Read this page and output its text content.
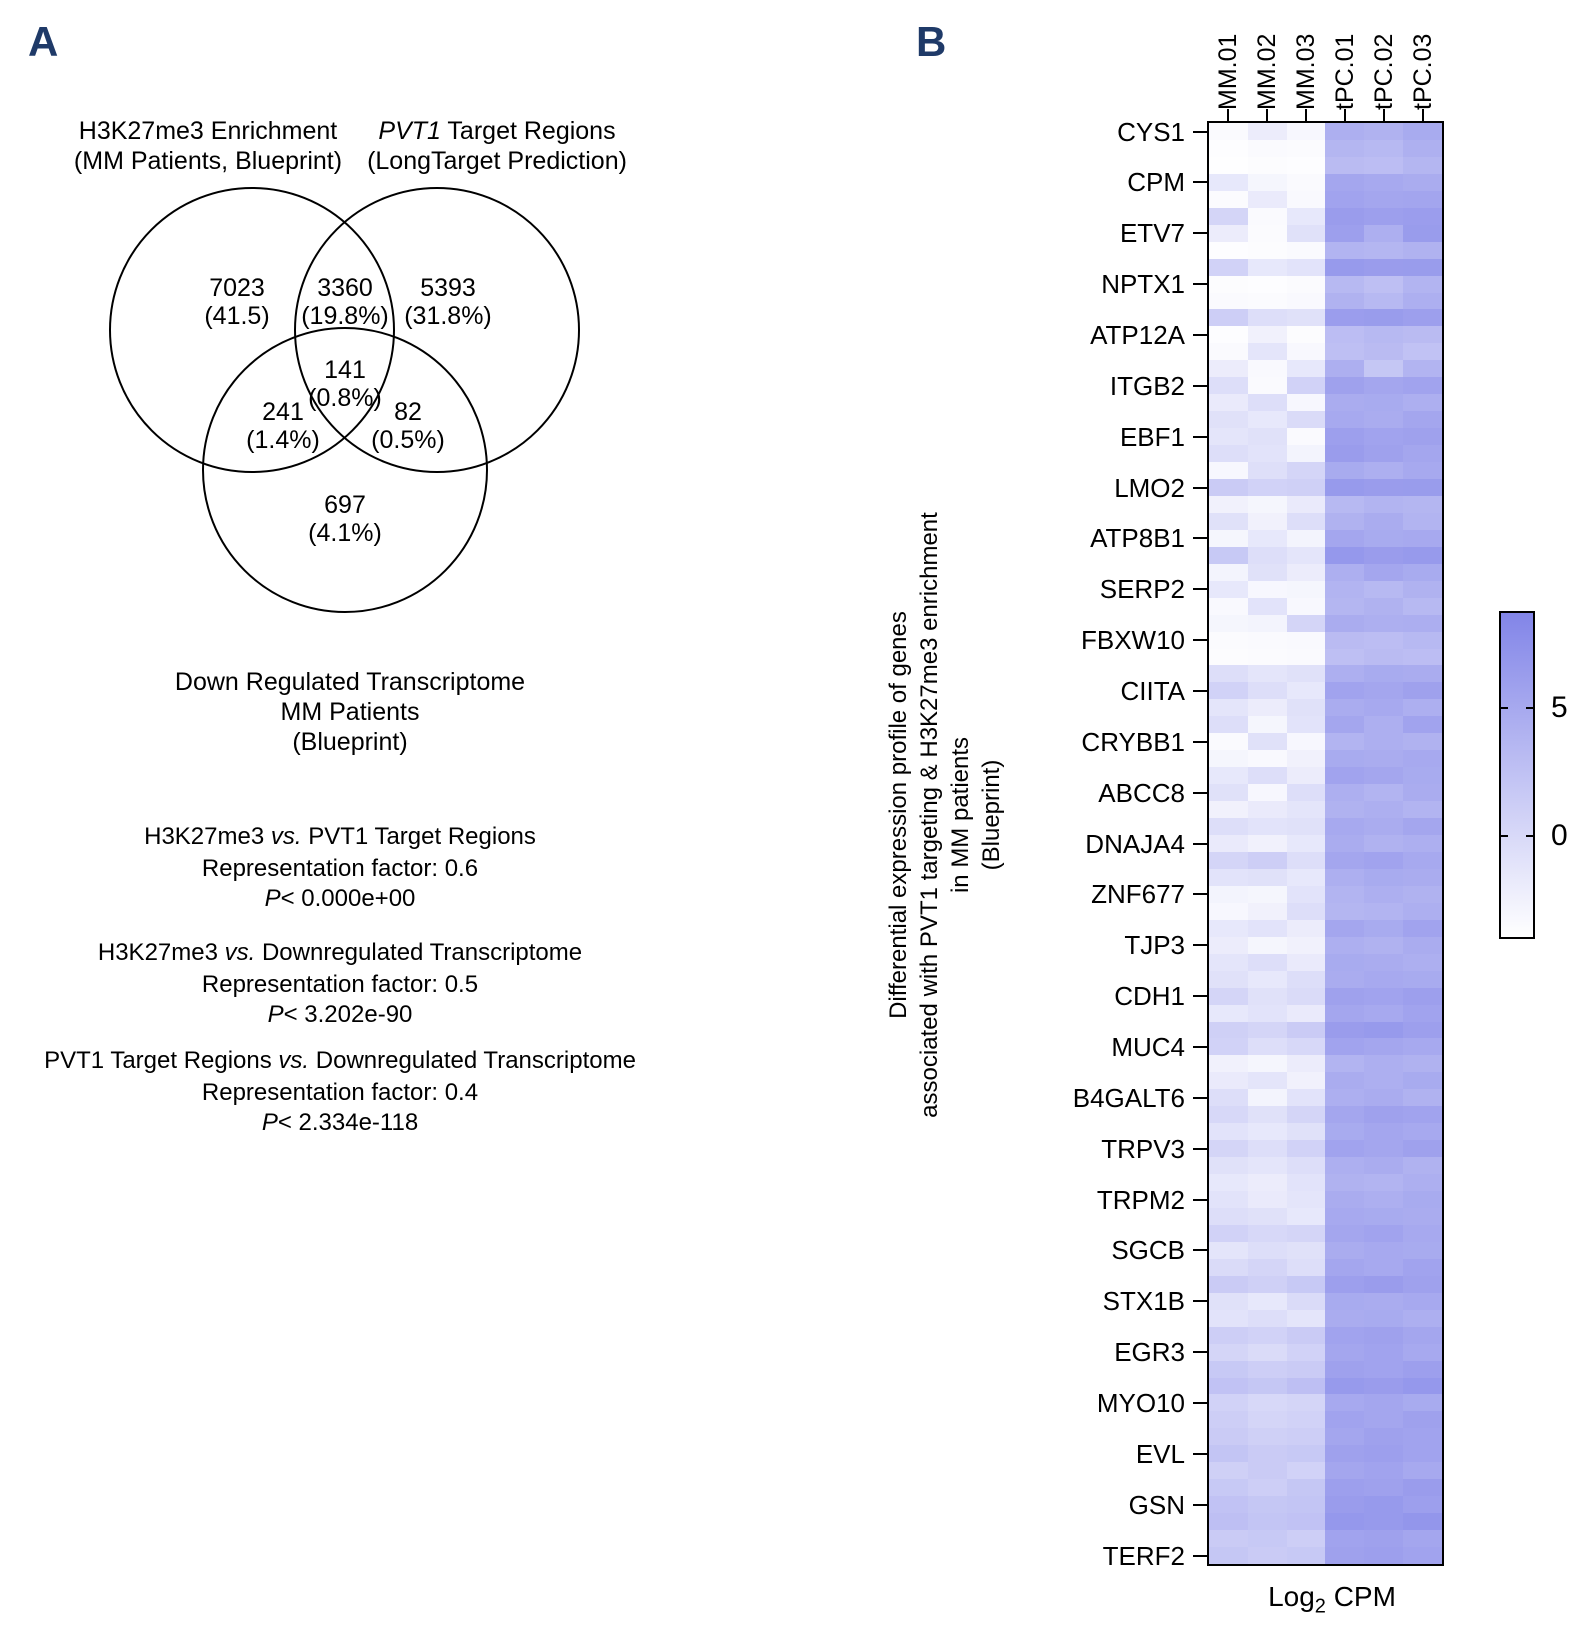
A
H3K27me3 Enrichment
(MM Patients, Blueprint)
PVT1 Target Regions
(LongTarget Prediction)
Down Regulated Transcriptome
MM Patients
(Blueprint)
7023
(41.5)
3360
(19.8%)
5393
(31.8%)
141
(0.8%)
241
(1.4%)
82
(0.5%)
697
(4.1%)
H3K27me3 vs. PVT1 Target Regions
Representation factor: 0.6
P< 0.000e+00
H3K27me3 vs. Downregulated Transcriptome
Representation factor: 0.5
P< 3.202e-90
PVT1 Target Regions vs. Downregulated Transcriptome
Representation factor: 0.4
P< 2.334e-118
B
Differential expression profile of genes associated with PVT1 targeting & H3K27me3 enrichment in MM patients (Blueprint)
MM.01 MM.02 MM.03 tPC.01 tPC.02 tPC.03
CYS1
CPM
ETV7
NPTX1
ATP12A
ITGB2
EBF1
LMO2
ATP8B1
SERP2
FBXW10
CIITA
CRYBB1
ABCC8
DNAJA4
ZNF677
TJP3
CDH1
MUC4
B4GALT6
TRPV3
TRPM2
SGCB
STX1B
EGR3
MYO10
EVL
GSN
TERF2
5
0
Log$_2$ CPM
